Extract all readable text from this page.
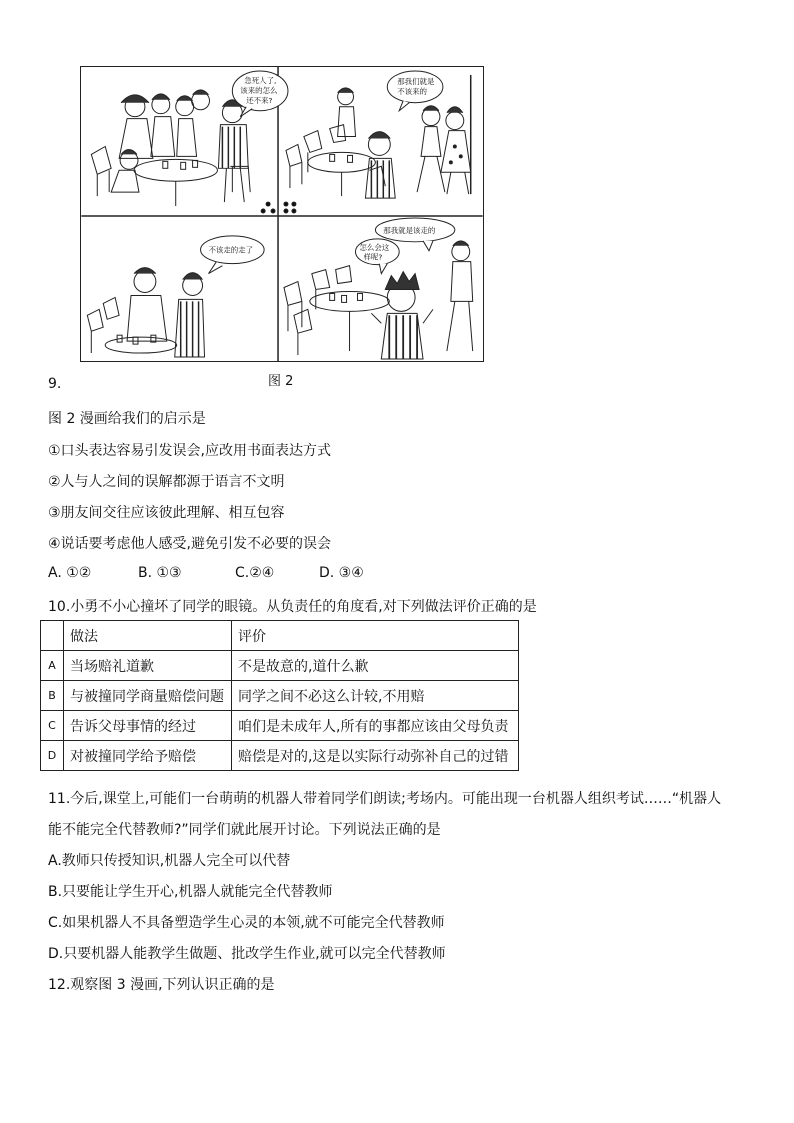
急死人了, 该来的怎么 还不来?
那我们就是 不该来的
不该走的走了	怎么会这 样呢?
那我就是该走的
图 2
9.
图 2 漫画给我们的启示是
①口头表达容易引发误会,应改用书面表达方式
②人与人之间的误解都源于语言不文明
③朋友间交往应该彼此理解、相互包容
④说话要考虑他人感受,避免引发不必要的误会
A. ①②	B. ①③	C.②④	D. ③④
10.小勇不小心撞坏了同学的眼镜。从负责任的角度看,对下列做法评价正确的是
	做法	评价
A	当场赔礼道歉	不是故意的,道什么歉
B	与被撞同学商量赔偿问题	同学之间不必这么计较,不用赔
C	告诉父母事情的经过	咱们是未成年人,所有的事都应该由父母负责
D	对被撞同学给予赔偿	赔偿是对的,这是以实际行动弥补自己的过错
11.今后,课堂上,可能们一台萌萌的机器人带着同学们朗读;考场内。可能出现一台机器人组织考试……“机器人
能不能完全代替教师?”同学们就此展开讨论。下列说法正确的是
A.教师只传授知识,机器人完全可以代替
B.只要能让学生开心,机器人就能完全代替教师
C.如果机器人不具备塑造学生心灵的本领,就不可能完全代替教师
D.只要机器人能教学生做题、批改学生作业,就可以完全代替教师
12.观察图 3 漫画,下列认识正确的是
